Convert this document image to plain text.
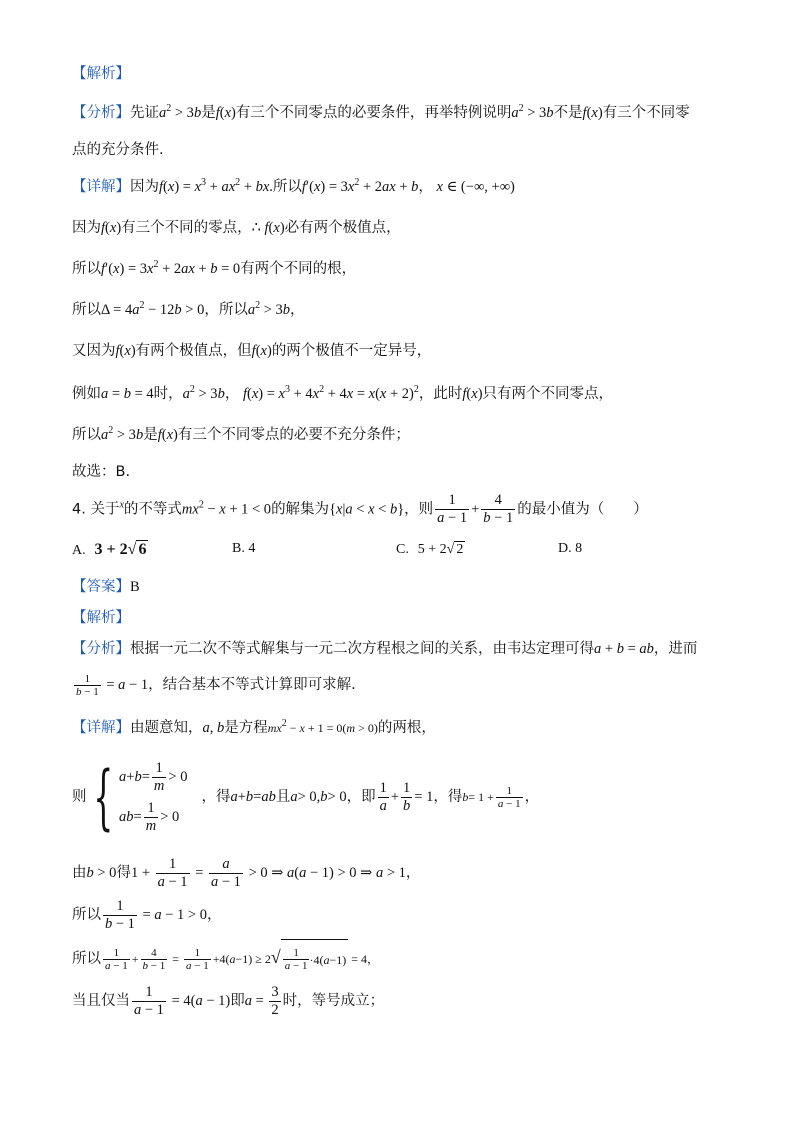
【解析】
【分析】先证$a^2 > 3b$是f(x)有三个不同零点的必要条件，再举特例说明$a^2 > 3b$不是f(x)有三个不同零
点的充分条件.
【详解】因为$f(x) = x^3 + ax^2$ + bx.所以$f'(x) = 3x^2 + 2ax + b$， x ∈ (−∞, +∞)
因为f(x)有三个不同的零点，∴ f(x)必有两个极值点，
所以$f'(x) = 3x^2 + 2ax + b = 0$有两个不同的根，
所以$\Delta = 4a^2 - 12b > 0$，所以$a^2 > 3b$，
又因为f(x)有两个极值点，但f(x)的两个极值不一定异号，
例如a = b = 4时，$a^2 > 3b$， $f(x) = x^3 + 4x^2 + 4x = x(x + 2)^2$，此时f(x)只有两个不同零点，
所以$a^2 > 3b$是f(x)有三个不同零点的必要不充分条件；
故选：B.
4. 关于$^x$的不等式$mx^2 - x + 1 < 0$的解集为{x|a < x < b}，则 $\frac{1}{a - 1} + \frac{4}{b - 1}$ 的最小值为（　　）
A. 3 + 2√ 6	B. 4	C. 5 + 2√ 2	D. 8
【答案】B
【解析】
【分析】根据一元二次不等式解集与一元二次方程根之间的关系，由韦达定理可得a + b = ab，进而
$\frac{1}{b - 1} = a - 1$，结合基本不等式计算即可求解.
【详解】由题意知，a, b是方程$mx^2 - x + 1 = 0(m > 0)$的两根，
则 { $a + b = \frac{1}{m} > 0$
ab = $\frac{1}{m} > 0$
，得 a + b = ab 且 a > 0, b > 0 ，即 $\frac{1}{a} + \frac{1}{b} = 1$ ，得 $b = 1 + \frac{1}{a - 1}$ ，
由b > 0得$1 + \frac{1}{a - 1} = \frac{a}{a - 1} > 0$ ⇒ a(a − 1) > 0 ⇒ a > 1，
所以 $\frac{1}{b - 1} = a - 1 > 0$，
所以 $\frac{1}{a - 1} + \frac{4}{b - 1} = \frac{1}{a - 1} +4(a-1) \ge 2√ \frac{1}{a - 1} \cdot 4(a-1) = 4$，
当且仅当 $\frac{1}{a - 1} = 4(a - 1)$即$a = \frac{3}{2}$ 时，等号成立；
